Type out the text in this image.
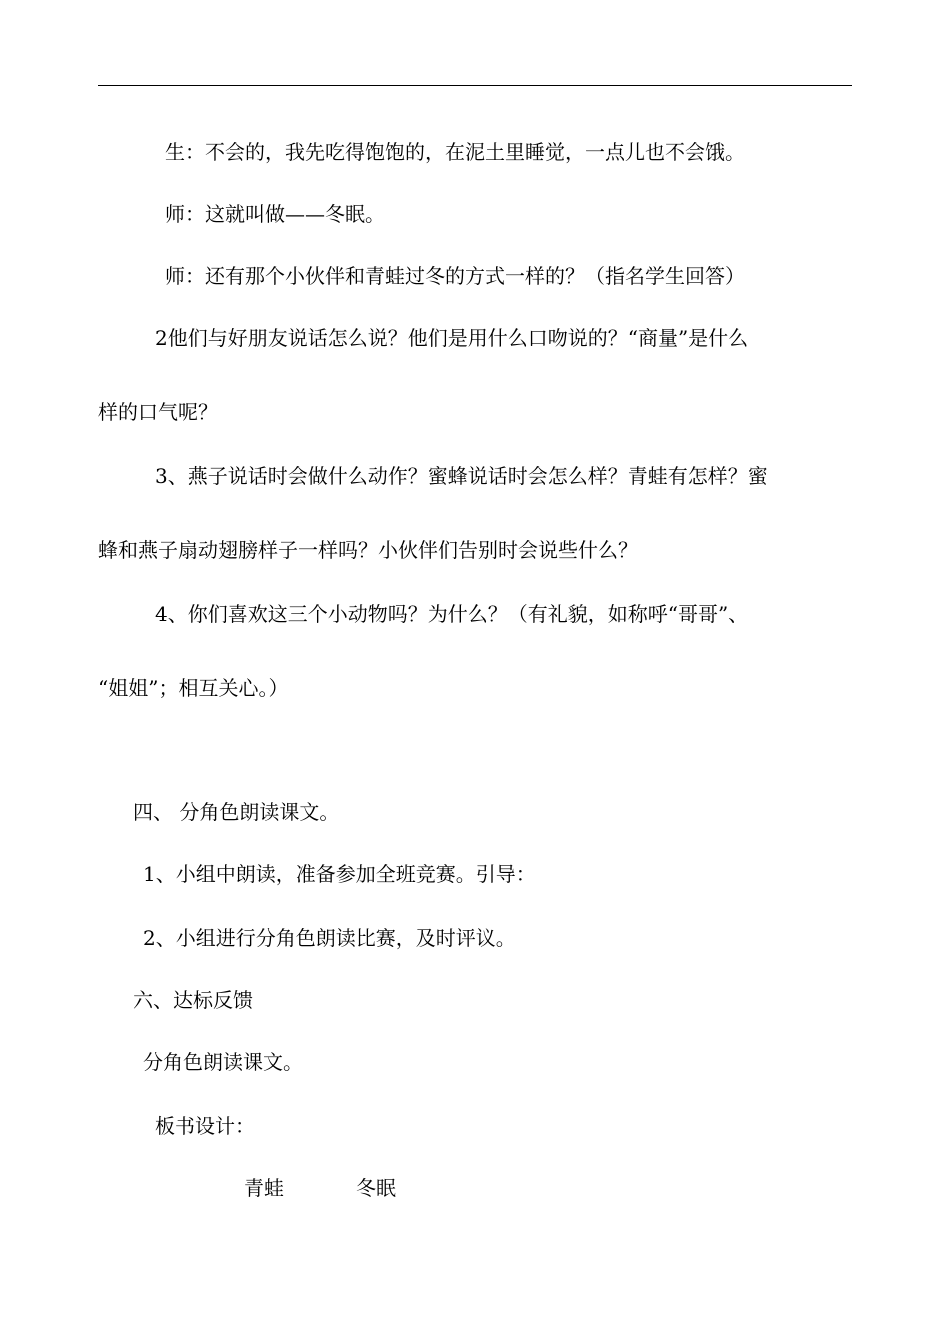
生：不会的，我先吃得饱饱的，在泥土里睡觉，一点儿也不会饿。
师：这就叫做——冬眠。
师：还有那个小伙伴和青蛙过冬的方式一样的？（指名学生回答）
2他们与好朋友说话怎么说？他们是用什么口吻说的？“商量”是什么
样的口气呢？
3、燕子说话时会做什么动作？蜜蜂说话时会怎么样？青蛙有怎样？蜜
蜂和燕子扇动翅膀样子一样吗？小伙伴们告别时会说些什么？
4、你们喜欢这三个小动物吗？为什么？（有礼貌，如称呼“哥哥”、
“姐姐”；相互关心。）
四、 分角色朗读课文。
1、小组中朗读，准备参加全班竞赛。引导：
2、小组进行分角色朗读比赛，及时评议。
六、达标反馈
分角色朗读课文。
板书设计：
青蛙	冬眠
